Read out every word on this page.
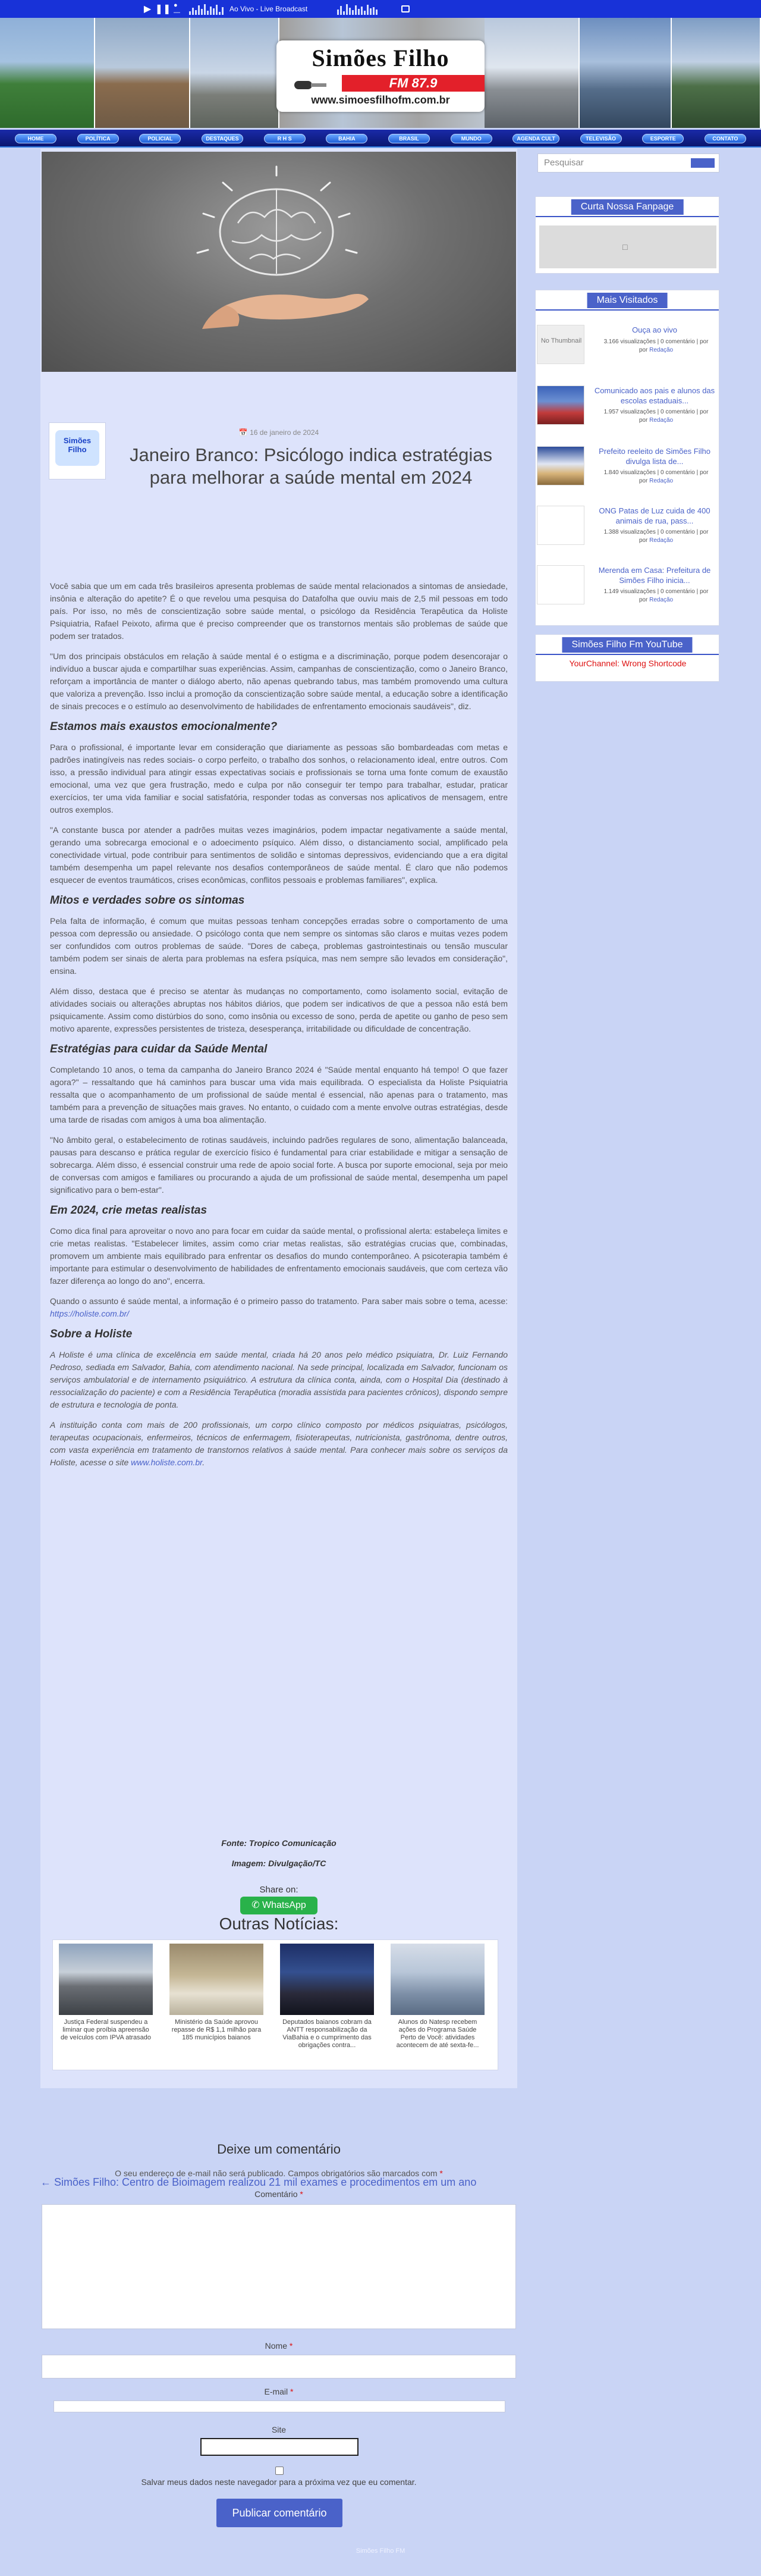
▶ ❚❚ ●—	Ao Vivo - Live Broadcast
Simões Filho
FM 87.9
www.simoesfilhofm.com.br
HOME	POLÍTICA	POLICIAL	DESTAQUES	R H S	BAHIA	BRASIL	MUNDO	AGENDA CULT	TELEVISÃO	ESPORTE	CONTATO
Simões Filho
📅 16 de janeiro de 2024
Janeiro Branco: Psicólogo indica estratégias para melhorar a saúde mental em 2024

Você sabia que um em cada três brasileiros apresenta problemas de saúde mental relacionados a sintomas de ansiedade, insônia e alteração do apetite? É o que revelou uma pesquisa do Datafolha que ouviu mais de 2,5 mil pessoas em todo país. Por isso, no mês de conscientização sobre saúde mental, o psicólogo da Residência Terapêutica da Holiste Psiquiatria, Rafael Peixoto, afirma que é preciso compreender que os transtornos mentais são problemas de saúde que podem ser tratados.

"Um dos principais obstáculos em relação à saúde mental é o estigma e a discriminação, porque podem desencorajar o indivíduo a buscar ajuda e compartilhar suas experiências. Assim, campanhas de conscientização, como o Janeiro Branco, reforçam a importância de manter o diálogo aberto, não apenas quebrando tabus, mas também promovendo uma cultura que valoriza a prevenção. Isso inclui a promoção da conscientização sobre saúde mental, a educação sobre a identificação de sinais precoces e o estímulo ao desenvolvimento de habilidades de enfrentamento emocionais saudáveis", diz.

Estamos mais exaustos emocionalmente?

Para o profissional, é importante levar em consideração que diariamente as pessoas são bombardeadas com metas e padrões inatingíveis nas redes sociais- o corpo perfeito, o trabalho dos sonhos, o relacionamento ideal, entre outros. Com isso, a pressão individual para atingir essas expectativas sociais e profissionais se torna uma fonte comum de exaustão emocional, uma vez que gera frustração, medo e culpa por não conseguir ter tempo para trabalhar, estudar, praticar exercícios, ter uma vida familiar e social satisfatória, responder todas as conversas nos aplicativos de mensagem, entre outros exemplos.

"A constante busca por atender a padrões muitas vezes imaginários, podem impactar negativamente a saúde mental, gerando uma sobrecarga emocional e o adoecimento psíquico. Além disso, o distanciamento social, amplificado pela conectividade virtual, pode contribuir para sentimentos de solidão e sintomas depressivos, evidenciando que a era digital também desempenha um papel relevante nos desafios contemporâneos de saúde mental. É claro que não podemos esquecer de eventos traumáticos, crises econômicas, conflitos pessoais e problemas familiares", explica.

Mitos e verdades sobre os sintomas

Pela falta de informação, é comum que muitas pessoas tenham concepções erradas sobre o comportamento de uma pessoa com depressão ou ansiedade. O psicólogo conta que nem sempre os sintomas são claros e muitas vezes podem ser confundidos com outros problemas de saúde. "Dores de cabeça, problemas gastrointestinais ou tensão muscular também podem ser sinais de alerta para problemas na esfera psíquica, mas nem sempre são levados em consideração", ensina.

Além disso, destaca que é preciso se atentar às mudanças no comportamento, como isolamento social, evitação de atividades sociais ou alterações abruptas nos hábitos diários, que podem ser indicativos de que a pessoa não está bem psiquicamente. Assim como distúrbios do sono, como insônia ou excesso de sono, perda de apetite ou ganho de peso sem motivo aparente, expressões persistentes de tristeza, desesperança, irritabilidade ou dificuldade de concentração.

Estratégias para cuidar da Saúde Mental

Completando 10 anos, o tema da campanha do Janeiro Branco 2024 é "Saúde mental enquanto há tempo! O que fazer agora?" – ressaltando que há caminhos para buscar uma vida mais equilibrada. O especialista da Holiste Psiquiatria ressalta que o acompanhamento de um profissional de saúde mental é essencial, não apenas para o tratamento, mas também para a prevenção de situações mais graves. No entanto, o cuidado com a mente envolve outras estratégias, desde uma tarde de risadas com amigos à uma boa alimentação.

"No âmbito geral, o estabelecimento de rotinas saudáveis, incluindo padrões regulares de sono, alimentação balanceada, pausas para descanso e prática regular de exercício físico é fundamental para criar estabilidade e mitigar a sensação de sobrecarga. Além disso, é essencial construir uma rede de apoio social forte. A busca por suporte emocional, seja por meio de conversas com amigos e familiares ou procurando a ajuda de um profissional de saúde mental, desempenha um papel significativo para o bem-estar".

Em 2024, crie metas realistas

Como dica final para aproveitar o novo ano para focar em cuidar da saúde mental, o profissional alerta: estabeleça limites e crie metas realistas. "Estabelecer limites, assim como criar metas realistas, são estratégias crucias que, combinadas, promovem um ambiente mais equilibrado para enfrentar os desafios do mundo contemporâneo. A psicoterapia também é importante para estimular o desenvolvimento de habilidades de enfrentamento emocionais saudáveis, que com certeza vão fazer diferença ao longo do ano", encerra.

Quando o assunto é saúde mental, a informação é o primeiro passo do tratamento. Para saber mais sobre o tema, acesse: https://holiste.com.br/

Sobre a Holiste

A Holiste é uma clínica de excelência em saúde mental, criada há 20 anos pelo médico psiquiatra, Dr. Luiz Fernando Pedroso, sediada em Salvador, Bahia, com atendimento nacional. Na sede principal, localizada em Salvador, funcionam os serviços ambulatorial e de internamento psiquiátrico. A estrutura da clínica conta, ainda, com o Hospital Dia (destinado à ressocialização do paciente) e com a Residência Terapêutica (moradia assistida para pacientes crônicos), dispondo sempre de estrutura e tecnologia de ponta.

A instituição conta com mais de 200 profissionais, um corpo clínico composto por médicos psiquiatras, psicólogos, terapeutas ocupacionais, enfermeiros, técnicos de enfermagem, fisioterapeutas, nutricionista, gastrônoma, dentre outros, com vasta experiência em tratamento de transtornos relativos à saúde mental. Para conhecer mais sobre os serviços da Holiste, acesse o site www.holiste.com.br.

Fonte: Tropico Comunicação
Imagem: Divulgação/TC
Share on:
✆ WhatsApp
Outras Notícias:
Justiça Federal suspendeu a liminar que proíbia apreensão de veículos com IPVA atrasado
Ministério da Saúde aprovou repasse de R$ 1,1 milhão para 185 municípios baianos
Deputados baianos cobram da ANTT responsabilização da ViaBahia e o cumprimento das obrigações contra...
Alunos do Natesp recebem ações do Programa Saúde Perto de Você: atividades acontecem de até sexta-fe...
← Simões Filho: Centro de Bioimagem realizou 21 mil exames e procedimentos em um ano
Deixe um comentário
O seu endereço de e-mail não será publicado. Campos obrigatórios são marcados com *
Comentário *
Nome *
E-mail *
Site
Salvar meus dados neste navegador para a próxima vez que eu comentar.
Publicar comentário
Simões Filho FM
Pesquisar
Curta Nossa Fanpage
□
Mais Visitados
No Thumbnail
Ouça ao vivo
3.166 visualizações | 0 comentário | por
por Redação
Comunicado aos pais e alunos das escolas estaduais...
1.957 visualizações | 0 comentário | por
por Redação
Prefeito reeleito de Simões Filho divulga lista de...
1.840 visualizações | 0 comentário | por
por Redação
ONG Patas de Luz cuida de 400 animais de rua, pass...
1.388 visualizações | 0 comentário | por
por Redação
Merenda em Casa: Prefeitura de Simões Filho inicia...
1.149 visualizações | 0 comentário | por
por Redação
Simões Filho Fm YouTube
YourChannel: Wrong Shortcode
